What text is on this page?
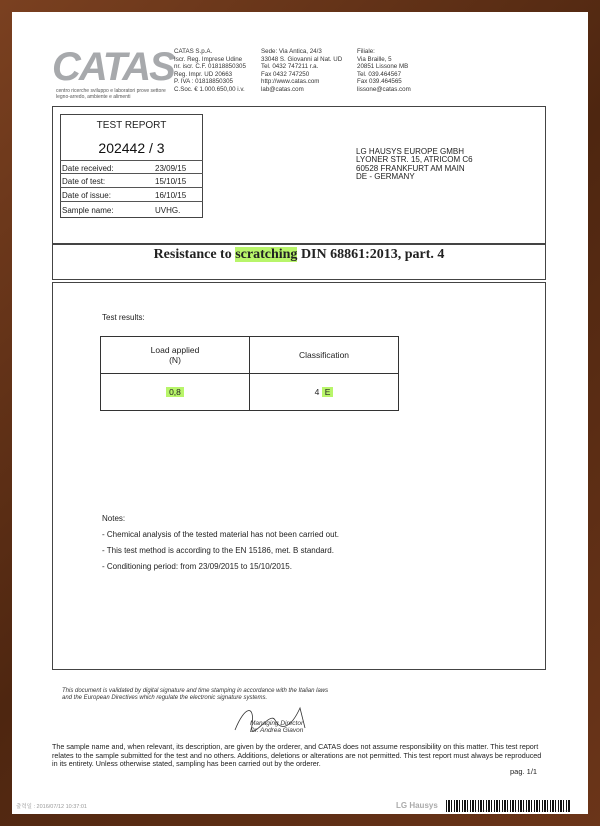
CATAS
centro ricerche sviluppo e laboratori prove settore legno-arredo, ambiente e alimenti
CATAS S.p.A.
Iscr. Reg. Imprese Udine
nr. iscr. C.F. 01818850305
Reg. Impr. UD 20663
P. IVA : 01818850305
C.Soc. € 1.000.650,00 i.v.
Sede: Via Antica, 24/3
33048 S. Giovanni al Nat. UD
Tel. 0432 747211 r.a.
Fax 0432 747250
http://www.catas.com
lab@catas.com
Filiale:
Via Braille, 5
20851 Lissone MB
Tel. 039.464567
Fax 039.464565
lissone@catas.com
TEST REPORT
202442 / 3
Date received:	23/09/15
Date of test:	15/10/15
Date of issue:	16/10/15
Sample name:	UVHG.
LG HAUSYS EUROPE GMBH
LYONER STR. 15, ATRICOM C6
60528 FRANKFURT AM MAIN
DE - GERMANY
Resistance to scratching DIN 68861:2013, part. 4
Test results:
Load applied
(N)	Classification
0,8	4
E
Notes:
- Chemical analysis of the tested material has not been carried out.
- This test method is according to the EN 15186, met. B standard.
- Conditioning period: from 23/09/2015 to 15/10/2015.
This document is validated by digital signature and time stamping in accordance with the Italian laws and the European Directives which regulate the electronic signature systems.
Managing Director
Dr. Andrea Giavon
The sample name and, when relevant, its description, are given by the orderer, and CATAS does not assume responsibility on this matter. This test report relates to the sample submitted for the test and no others. Additions, deletions or alterations are not permitted. This test report must always be reproduced in its entirety. Unless otherwise stated, sampling has been carried out by the orderer.
pag. 1/1
출력일 : 2016/07/12 10:37:01	LG Hausys
